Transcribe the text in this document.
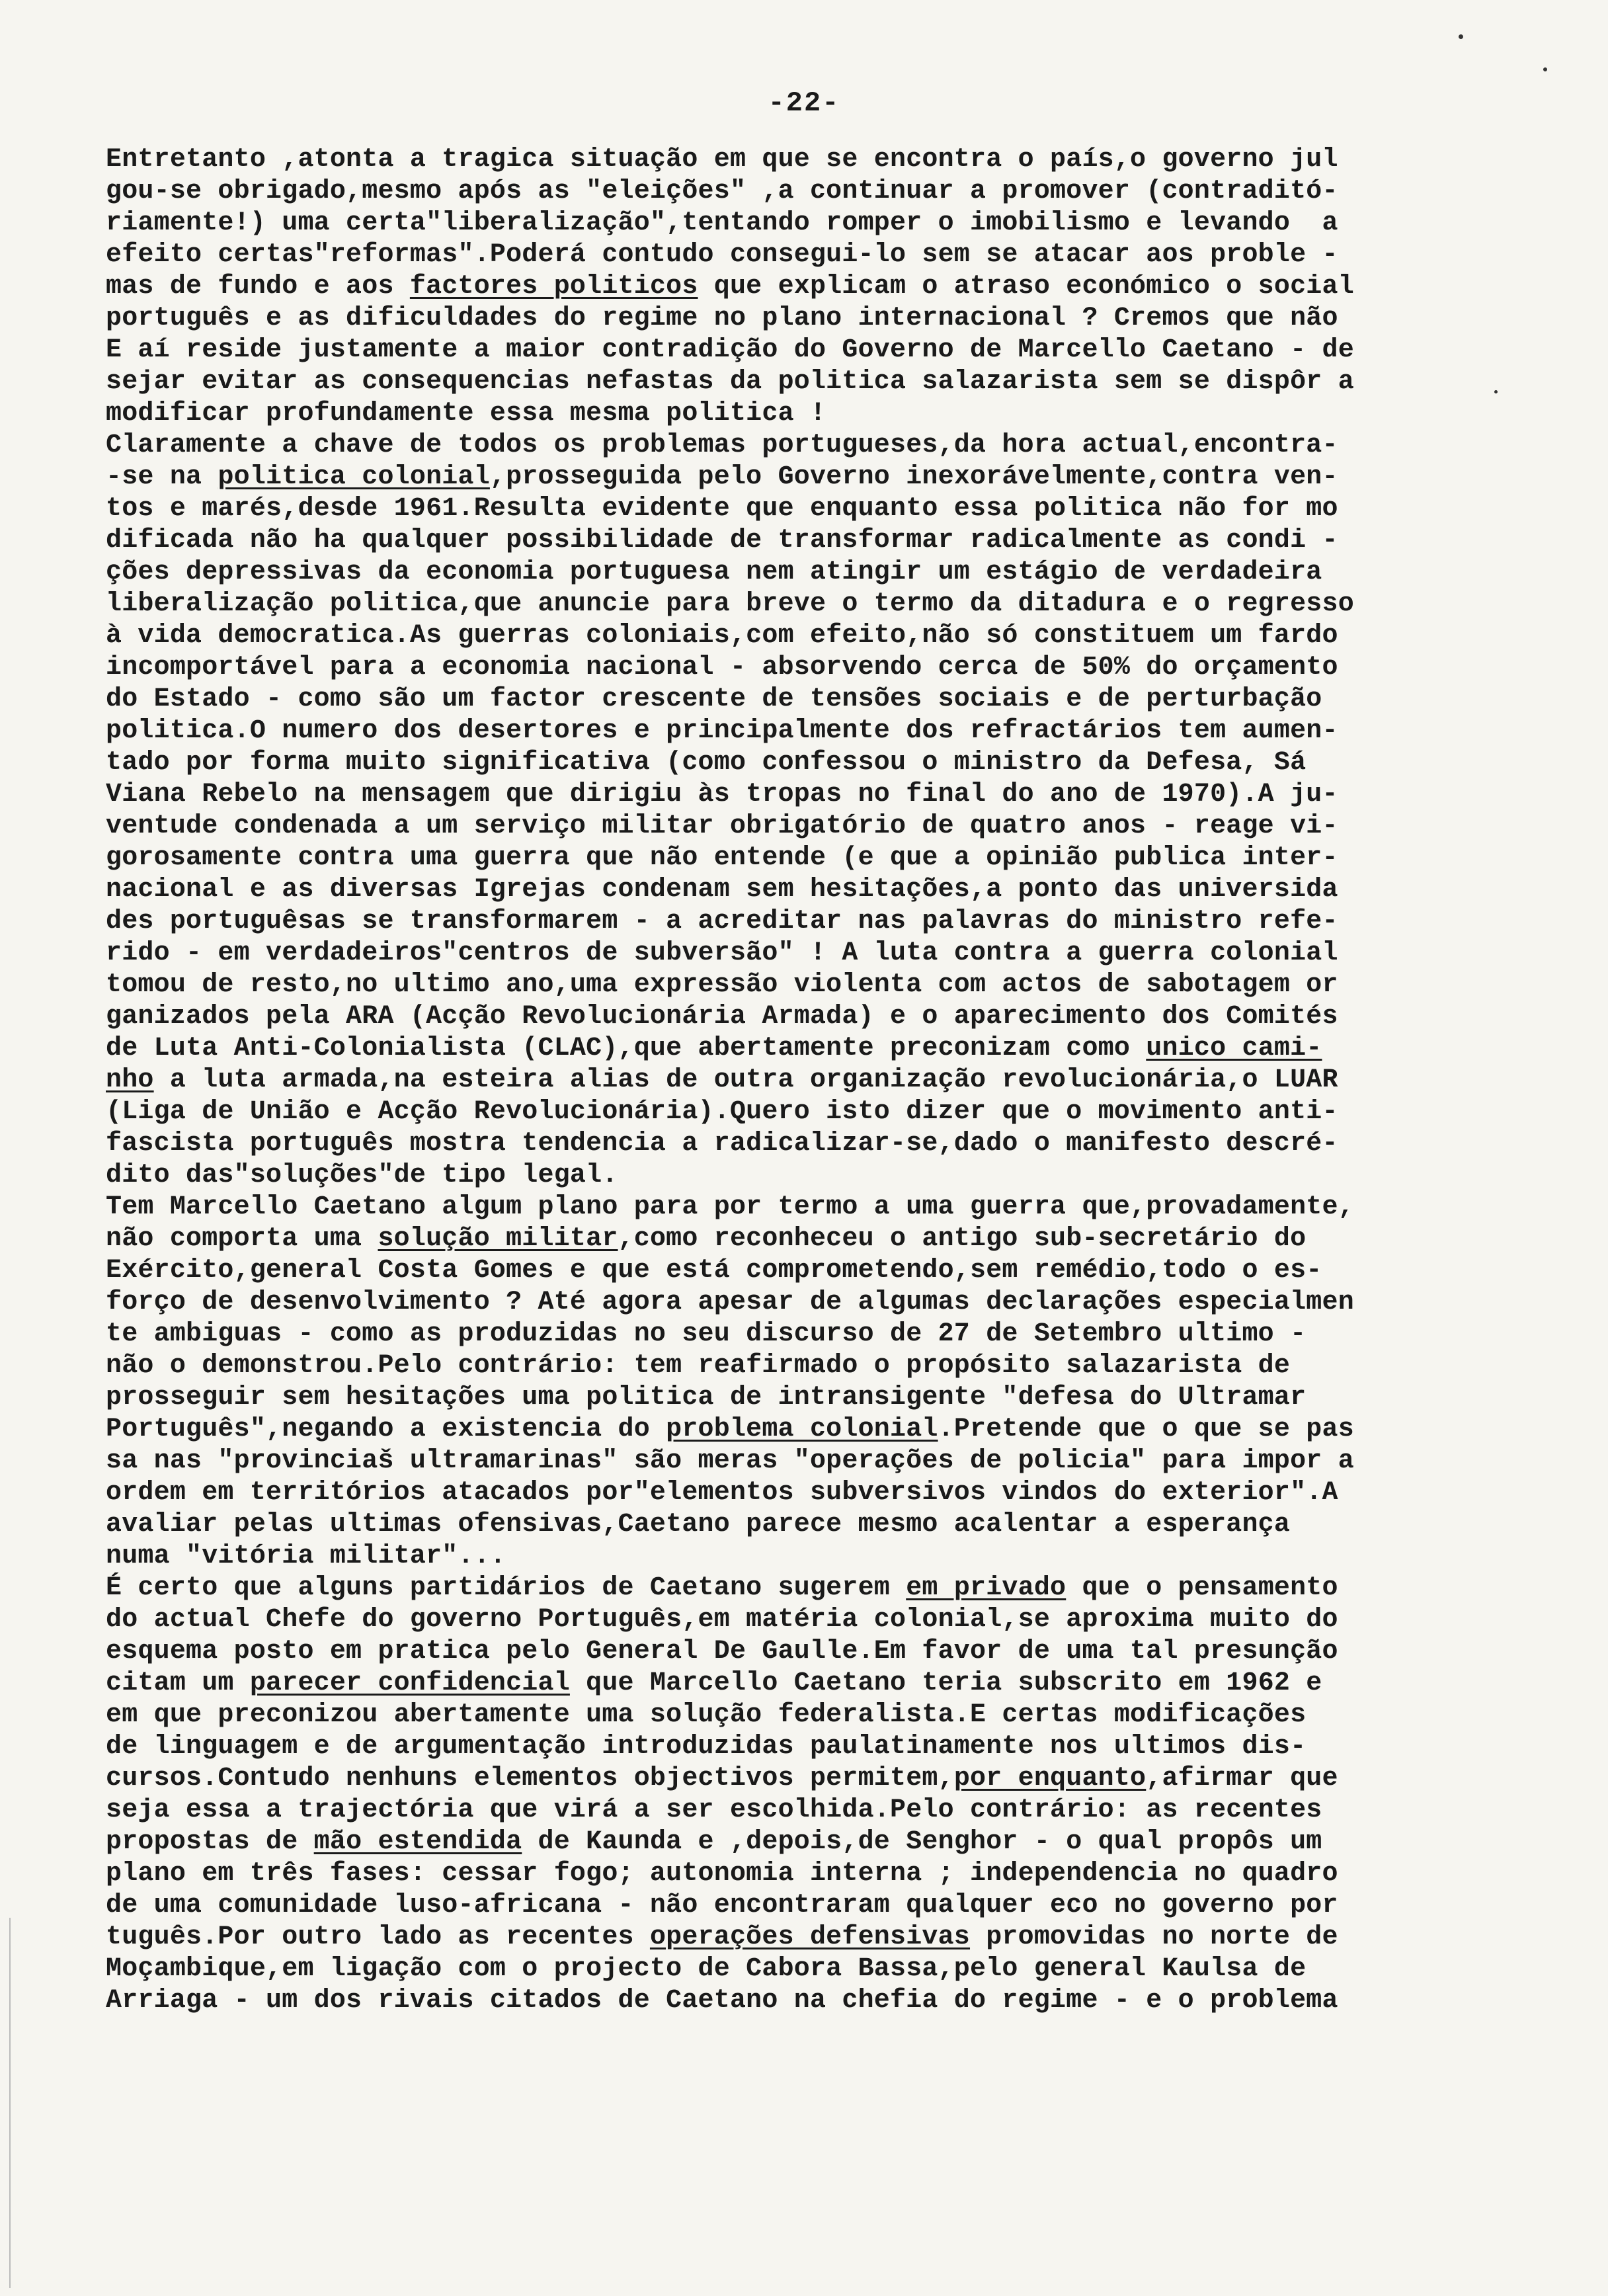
-22-
Entretanto ,atonta a tragica situação em que se encontra o país,o governo jul
gou-se obrigado,mesmo após as "eleições" ,a continuar a promover (contraditó-
riamente!) uma certa"liberalização",tentando romper o imobilismo e levando  a
efeito certas"reformas".Poderá contudo consegui-lo sem se atacar aos proble -
mas de fundo e aos factores politicos que explicam o atraso económico o social
português e as dificuldades do regime no plano internacional ? Cremos que não
E aí reside justamente a maior contradição do Governo de Marcello Caetano - de
sejar evitar as consequencias nefastas da politica salazarista sem se dispôr a
modificar profundamente essa mesma politica !
Claramente a chave de todos os problemas portugueses,da hora actual,encontra-
-se na politica colonial,prosseguida pelo Governo inexorávelmente,contra ven-
tos e marés,desde 1961.Resulta evidente que enquanto essa politica não for mo
dificada não ha qualquer possibilidade de transformar radicalmente as condi -
ções depressivas da economia portuguesa nem atingir um estágio de verdadeira
liberalização politica,que anuncie para breve o termo da ditadura e o regresso
à vida democratica.As guerras coloniais,com efeito,não só constituem um fardo
incomportável para a economia nacional - absorvendo cerca de 50% do orçamento
do Estado - como são um factor crescente de tensões sociais e de perturbação
politica.O numero dos desertores e principalmente dos refractários tem aumen-
tado por forma muito significativa (como confessou o ministro da Defesa, Sá
Viana Rebelo na mensagem que dirigiu às tropas no final do ano de 1970).A ju-
ventude condenada a um serviço militar obrigatório de quatro anos - reage vi-
gorosamente contra uma guerra que não entende (e que a opinião publica inter-
nacional e as diversas Igrejas condenam sem hesitações,a ponto das universida
des portuguêsas se transformarem - a acreditar nas palavras do ministro refe-
rido - em verdadeiros"centros de subversão" ! A luta contra a guerra colonial
tomou de resto,no ultimo ano,uma expressão violenta com actos de sabotagem or
ganizados pela ARA (Acção Revolucionária Armada) e o aparecimento dos Comités
de Luta Anti-Colonialista (CLAC),que abertamente preconizam como unico cami-
nho a luta armada,na esteira alias de outra organização revolucionária,o LUAR
(Liga de União e Acção Revolucionária).Quero isto dizer que o movimento anti-
fascista português mostra tendencia a radicalizar-se,dado o manifesto descré-
dito das"soluções"de tipo legal.
Tem Marcello Caetano algum plano para por termo a uma guerra que,provadamente,
não comporta uma solução militar,como reconheceu o antigo sub-secretário do
Exército,general Costa Gomes e que está comprometendo,sem remédio,todo o es-
forço de desenvolvimento ? Até agora apesar de algumas declarações especialmen
te ambiguas - como as produzidas no seu discurso de 27 de Setembro ultimo -
não o demonstrou.Pelo contrário: tem reafirmado o propósito salazarista de
prosseguir sem hesitações uma politica de intransigente "defesa do Ultramar
Português",negando a existencia do problema colonial.Pretende que o que se pas
sa nas "provinciaš ultramarinas" são meras "operações de policia" para impor a
ordem em territórios atacados por"elementos subversivos vindos do exterior".A
avaliar pelas ultimas ofensivas,Caetano parece mesmo acalentar a esperança
numa "vitória militar"...
É certo que alguns partidários de Caetano sugerem em privado que o pensamento
do actual Chefe do governo Português,em matéria colonial,se aproxima muito do
esquema posto em pratica pelo General De Gaulle.Em favor de uma tal presunção
citam um parecer confidencial que Marcello Caetano teria subscrito em 1962 e
em que preconizou abertamente uma solução federalista.E certas modificações
de linguagem e de argumentação introduzidas paulatinamente nos ultimos dis-
cursos.Contudo nenhuns elementos objectivos permitem,por enquanto,afirmar que
seja essa a trajectória que virá a ser escolhida.Pelo contrário: as recentes
propostas de mão estendida de Kaunda e ,depois,de Senghor - o qual propôs um
plano em três fases: cessar fogo; autonomia interna ; independencia no quadro
de uma comunidade luso-africana - não encontraram qualquer eco no governo por
tuguês.Por outro lado as recentes operações defensivas promovidas no norte de
Moçambique,em ligação com o projecto de Cabora Bassa,pelo general Kaulsa de
Arriaga - um dos rivais citados de Caetano na chefia do regime - e o problema
